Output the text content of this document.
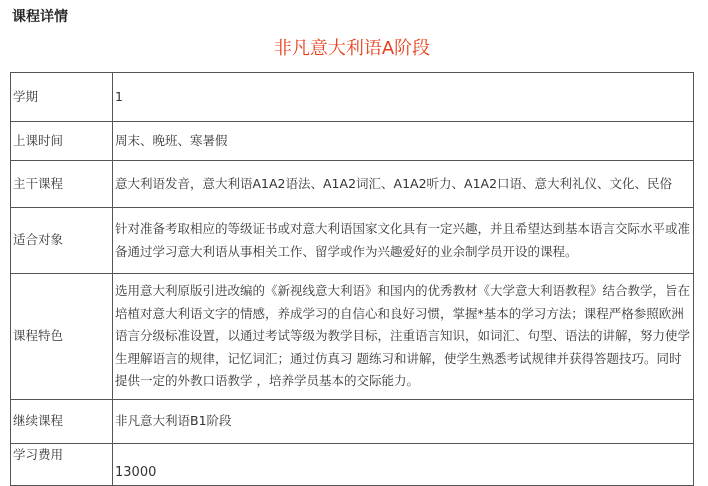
课程详情
非凡意大利语A阶段
学期	1
上课时间	周末、晚班、寒暑假
主干课程	意大利语发音，意大利语A1A2语法、A1A2词汇、A1A2听力、A1A2口语、意大利礼仪、文化、民俗
适合对象	针对准备考取相应的等级证书或对意大利语国家文化具有一定兴趣，并且希望达到基本语言交际水平或准备通过学习意大利语从事相关工作、留学或作为兴趣爱好的业余制学员开设的课程。
课程特色	选用意大利原版引进改编的《新视线意大利语》和国内的优秀教材《大学意大利语教程》结合教学，旨在培植对意大利语文字的情感，养成学习的自信心和良好习惯，掌握*基本的学习方法；课程严格参照欧洲语言分级标准设置，以通过考试等级为教学目标，注重语言知识，如词汇、句型、语法的讲解，努力使学生理解语言的规律，记忆词汇；通过仿真习 题练习和讲解，使学生熟悉考试规律并获得答题技巧。同时提供一定的外教口语教学 ，培养学员基本的交际能力。
继续课程	非凡意大利语B1阶段
学习费用	13000
